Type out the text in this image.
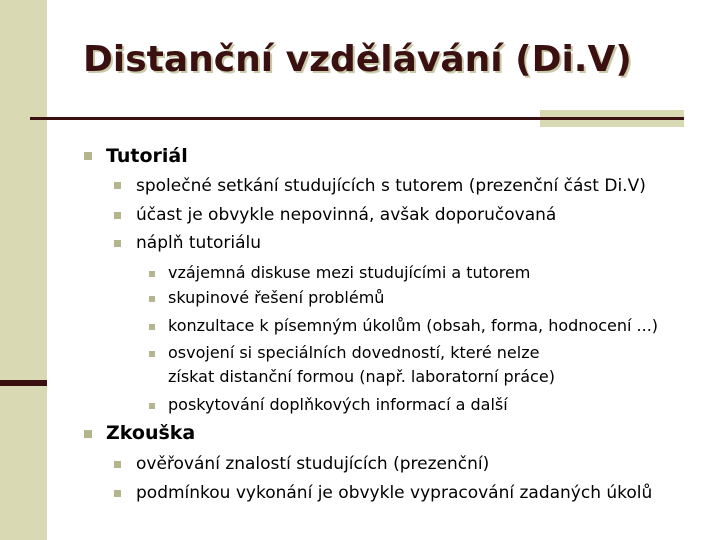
Distanční vzdělávání (Di.V)
Tutoriál
společné setkání studujících s tutorem (prezenční část Di.V)
účast je obvykle nepovinná, avšak doporučovaná
náplň tutoriálu
vzájemná diskuse mezi studujícími a tutorem
skupinové řešení problémů
konzultace k písemným úkolům (obsah, forma, hodnocení ...)
osvojení si speciálních dovedností, které nelze
získat distanční formou (např. laboratorní práce)
poskytování doplňkových informací a další
Zkouška
ověřování znalostí studujících (prezenční)
podmínkou vykonání je obvykle vypracování zadaných úkolů
